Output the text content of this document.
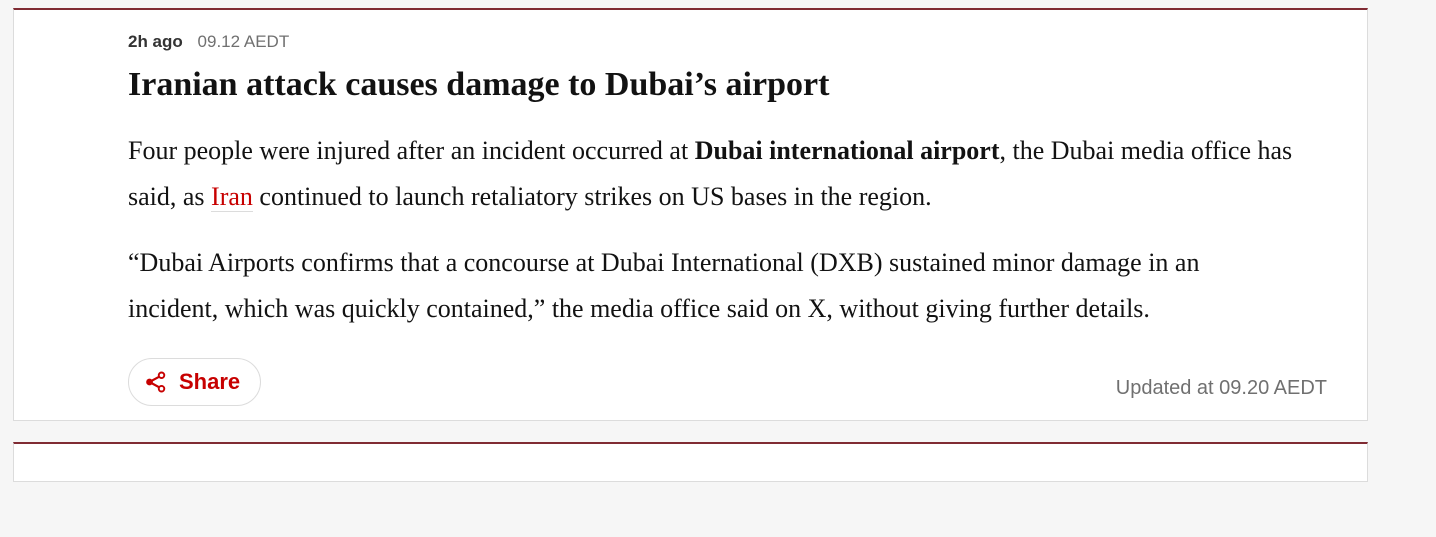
2h ago 09.12 AEDT
Iranian attack causes damage to Dubai’s airport

Four people were injured after an incident occurred at Dubai international airport, the Dubai media office has said, as Iran continued to launch retaliatory strikes on US bases in the region.

“Dubai Airports confirms that a concourse at Dubai International (DXB) sustained minor damage in an incident, which was quickly contained,” the media office said on X, without giving further details.

Share	Updated at 09.20 AEDT
